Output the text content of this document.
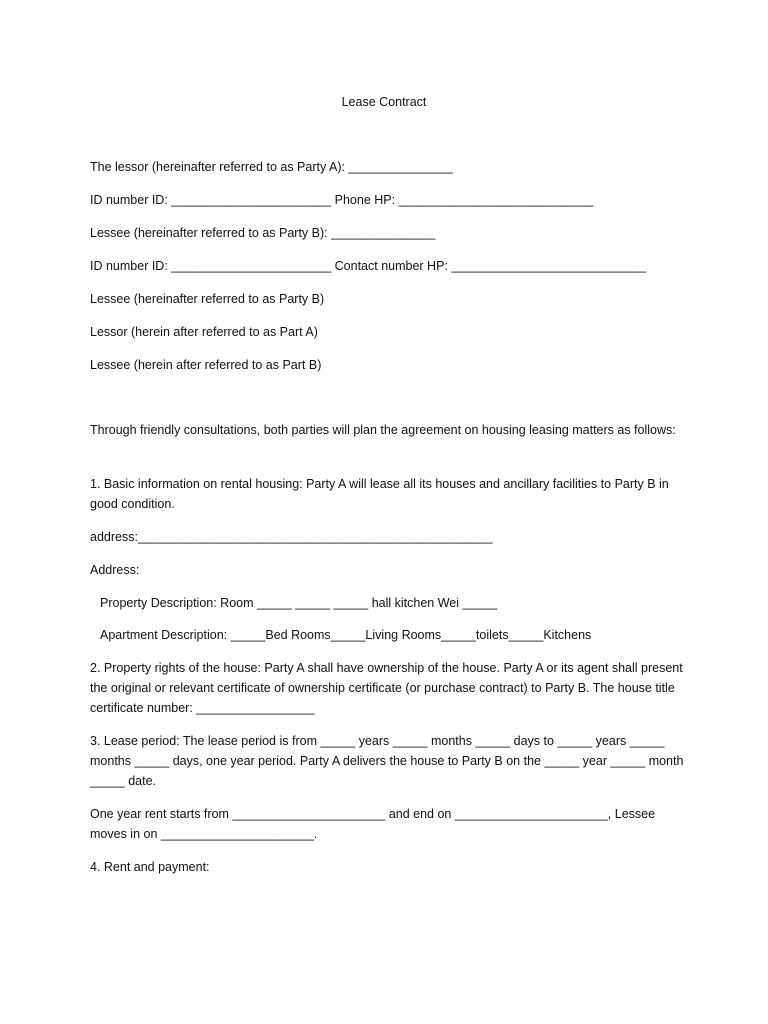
Lease Contract
The lessor (hereinafter referred to as Party A): _______________
ID number ID: _______________________ Phone HP: ____________________________
Lessee (hereinafter referred to as Party B): _______________
ID number ID: _______________________ Contact number HP: ____________________________
Lessee (hereinafter referred to as Party B)
Lessor (herein after referred to as Part A)
Lessee (herein after referred to as Part B)
Through friendly consultations, both parties will plan the agreement on housing leasing matters as follows:
1. Basic information on rental housing: Party A will lease all its houses and ancillary facilities to Party B in good condition.
address:___________________________________________________
Address:
Property Description: Room _____ _____ _____ hall kitchen Wei _____
Apartment Description: _____Bed Rooms_____Living Rooms_____toilets_____Kitchens
2. Property rights of the house: Party A shall have ownership of the house. Party A or its agent shall present the original or relevant certificate of ownership certificate (or purchase contract) to Party B. The house title certificate number: _________________
3. Lease period: The lease period is from _____ years _____ months _____ days to _____ years _____ months _____ days, one year period. Party A delivers the house to Party B on the _____ year _____ month _____ date.
One year rent starts from ______________________ and end on ______________________, Lessee moves in on ______________________.
4. Rent and payment:
